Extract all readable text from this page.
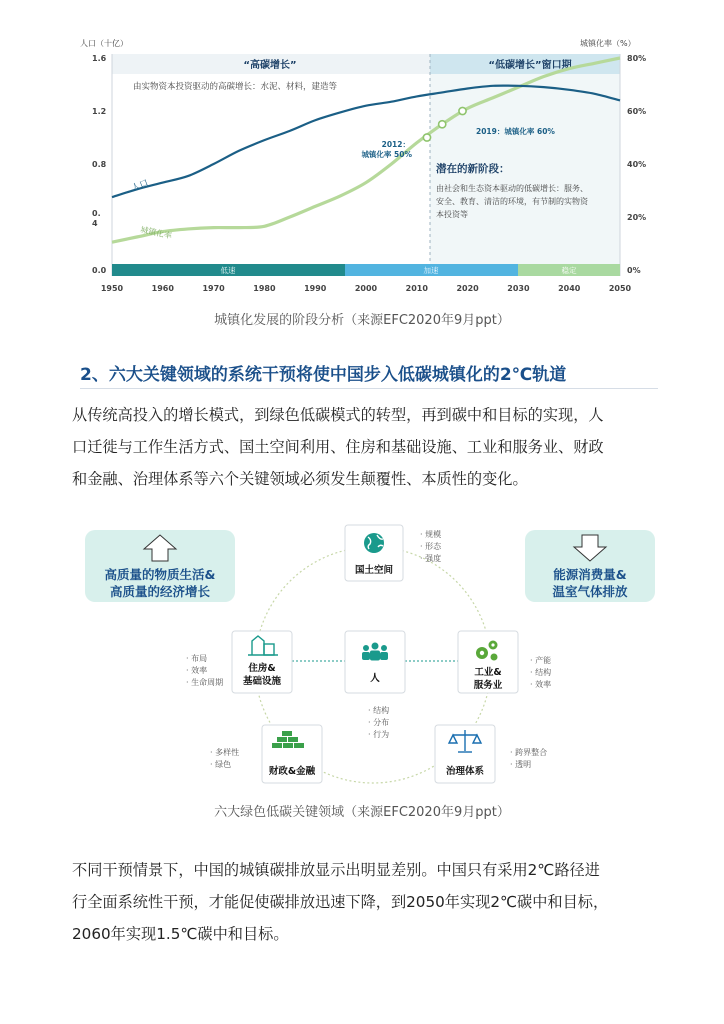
人口（十亿）	城镇化率（%）
“高碳增长”	“低碳增长”窗口期
由实物资本投资驱动的高碳增长：水泥、材料，建造等
1.6
1.2
0.8
0.
4
0.0
80%
60%
40%
20%
0%
1950	1960	1970	1980	1990	2000	2010	2020	2030	2040	2050
低速	加速	稳定
人口
城镇化率
2012：
城镇化率 50%
2019：城镇化率 60%
潜在的新阶段：
由社会和生态资本驱动的低碳增长：服务、
安全、教育、清洁的环境，有节制的实物资
本投资等
城镇化发展的阶段分析（来源EFC2020年9月ppt）
2、六大关键领域的系统干预将使中国步入低碳城镇化的2℃轨道
从传统高投入的增长模式，到绿色低碳模式的转型，再到碳中和目标的实现，人
口迁徙与工作生活方式、国土空间利用、住房和基础设施、工业和服务业、财政
和金融、治理体系等六个关键领域必须发生颠覆性、本质性的变化。
高质量的物质生活&
高质量的经济增长
能源消费量&
温室气体排放
国土空间
· 规模
· 形态
· 强度
人
· 结构
· 分布
· 行为
住房&
基础设施
· 布局
· 效率
· 生命周期
工业&
服务业
· 产能
· 结构
· 效率
财政&金融
· 多样性
· 绿色
治理体系
· 跨界整合
· 透明
六大绿色低碳关键领域（来源EFC2020年9月ppt）
不同干预情景下，中国的城镇碳排放显示出明显差别。中国只有采用2℃路径进
行全面系统性干预，才能促使碳排放迅速下降，到2050年实现2℃碳中和目标，
2060年实现1.5℃碳中和目标。
